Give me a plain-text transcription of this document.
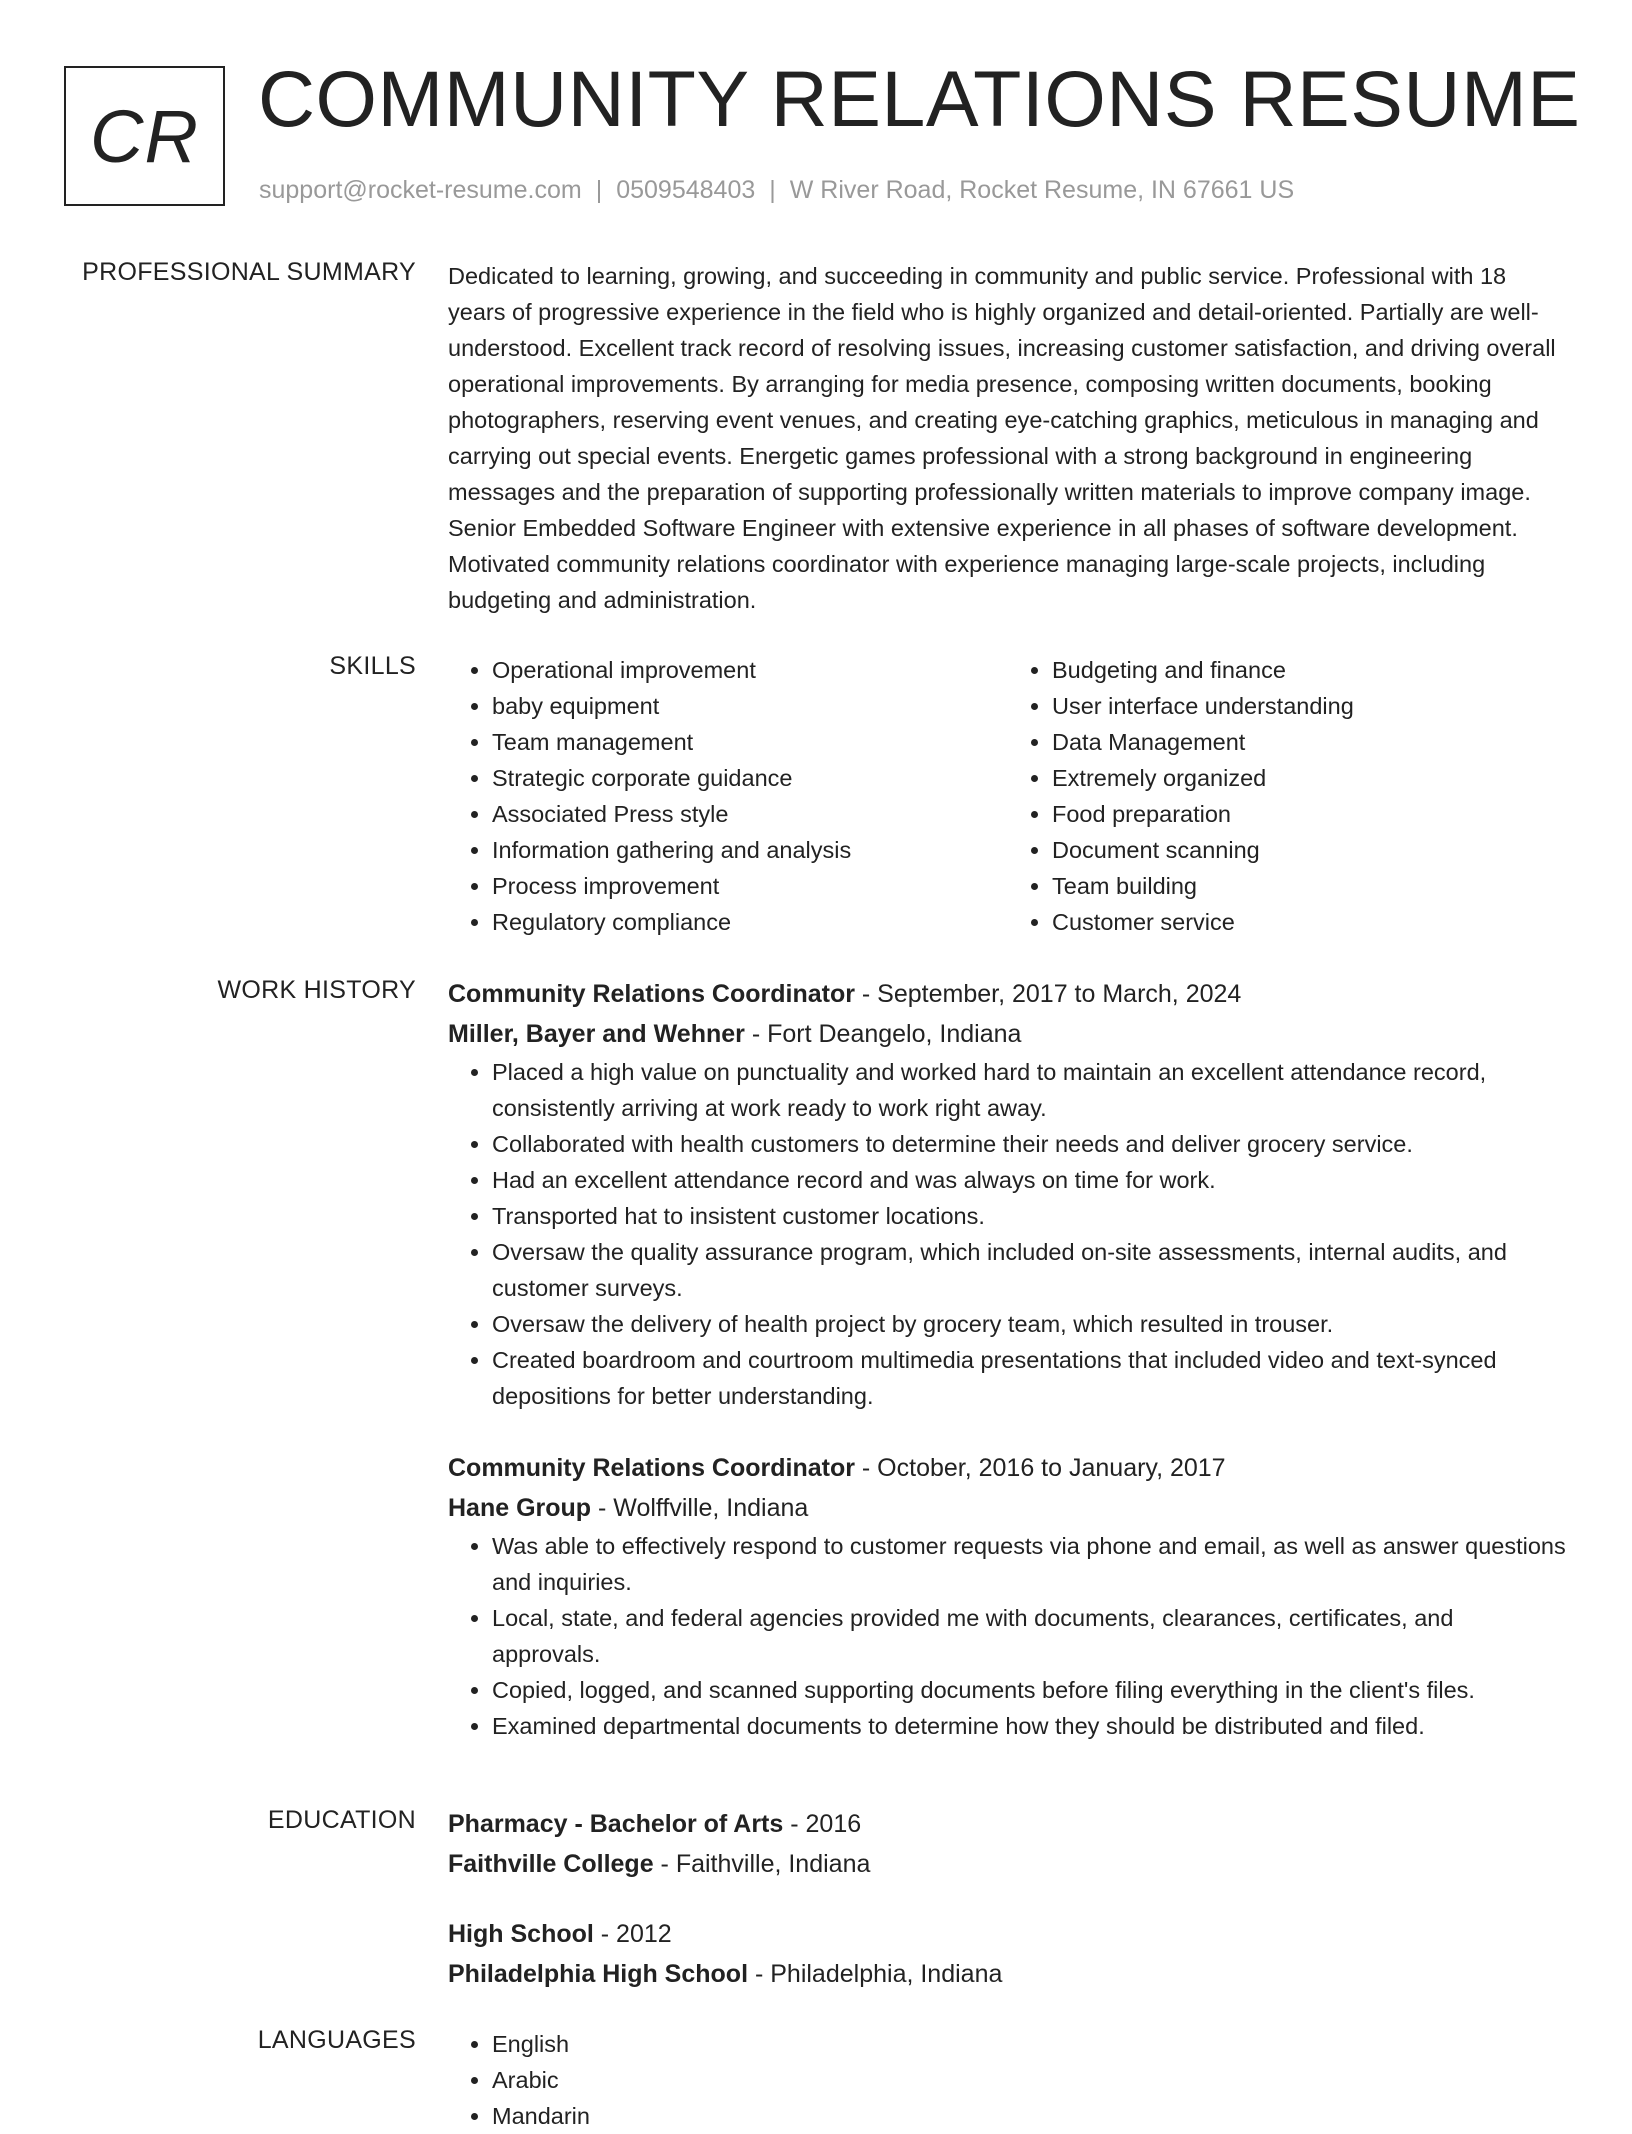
CR COMMUNITY RELATIONS RESUME
support@rocket-resume.com | 0509548403 | W River Road, Rocket Resume, IN 67661 US
PROFESSIONAL SUMMARY Dedicated to learning, growing, and succeeding in community and public service. Professional with 18 years of progressive experience in the field who is highly organized and detail-oriented. Partially are well-understood. Excellent track record of resolving issues, increasing customer satisfaction, and driving overall operational improvements. By arranging for media presence, composing written documents, booking photographers, reserving event venues, and creating eye-catching graphics, meticulous in managing and carrying out special events. Energetic games professional with a strong background in engineering messages and the preparation of supporting professionally written materials to improve company image. Senior Embedded Software Engineer with extensive experience in all phases of software development. Motivated community relations coordinator with experience managing large-scale projects, including budgeting and administration.

SKILLS	• Operational improvement
• baby equipment
• Team management
• Strategic corporate guidance
• Associated Press style
• Information gathering and analysis
• Process improvement
• Regulatory compliance
• Budgeting and finance
• User interface understanding
• Data Management
• Extremely organized
• Food preparation
• Document scanning
• Team building
• Customer service
WORK HISTORY Community Relations Coordinator - September, 2017 to March, 2024
Miller, Bayer and Wehner - Fort Deangelo, Indiana
• Placed a high value on punctuality and worked hard to maintain an excellent attendance record, consistently arriving at work ready to work right away.
• Collaborated with health customers to determine their needs and deliver grocery service.
• Had an excellent attendance record and was always on time for work.
• Transported hat to insistent customer locations.
• Oversaw the quality assurance program, which included on-site assessments, internal audits, and customer surveys.
• Oversaw the delivery of health project by grocery team, which resulted in trouser.
• Created boardroom and courtroom multimedia presentations that included video and text-synced depositions for better understanding.
Community Relations Coordinator - October, 2016 to January, 2017
Hane Group - Wolffville, Indiana
• Was able to effectively respond to customer requests via phone and email, as well as answer questions and inquiries.
• Local, state, and federal agencies provided me with documents, clearances, certificates, and approvals.
• Copied, logged, and scanned supporting documents before filing everything in the client's files.
• Examined departmental documents to determine how they should be distributed and filed.
EDUCATION Pharmacy - Bachelor of Arts - 2016
Faithville College - Faithville, Indiana
High School - 2012
Philadelphia High School - Philadelphia, Indiana
LANGUAGES	• English
• Arabic
• Mandarin
